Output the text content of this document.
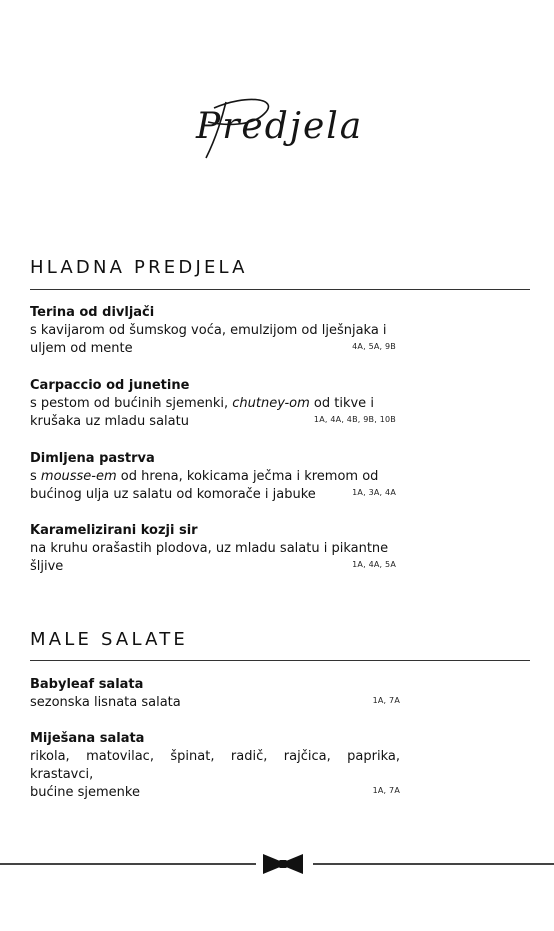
Predjela
HLADNA PREDJELA
Terina od divljači
s kavijarom od šumskog voća, emulzijom od lješnjaka i
uljem od mente	4A, 5A, 9B
Carpaccio od junetine
s pestom od bućinih sjemenki, chutney-om od tikve i
krušaka uz mladu salatu	1A, 4A, 4B, 9B, 10B
Dimljena pastrva
s mousse-em od hrena, kokicama ječma i kremom od
bućinog ulja uz salatu od komorače i jabuke	1A, 3A, 4A
Karamelizirani kozji sir
na kruhu orašastih plodova, uz mladu salatu i pikantne
šljive	1A, 4A, 5A
MALE SALATE
Babyleaf salata
sezonska lisnata salata	1A, 7A
Miješana salata
rikola, matovilac, špinat, radič, rajčica, paprika, krastavci,
bućine sjemenke	1A, 7A
